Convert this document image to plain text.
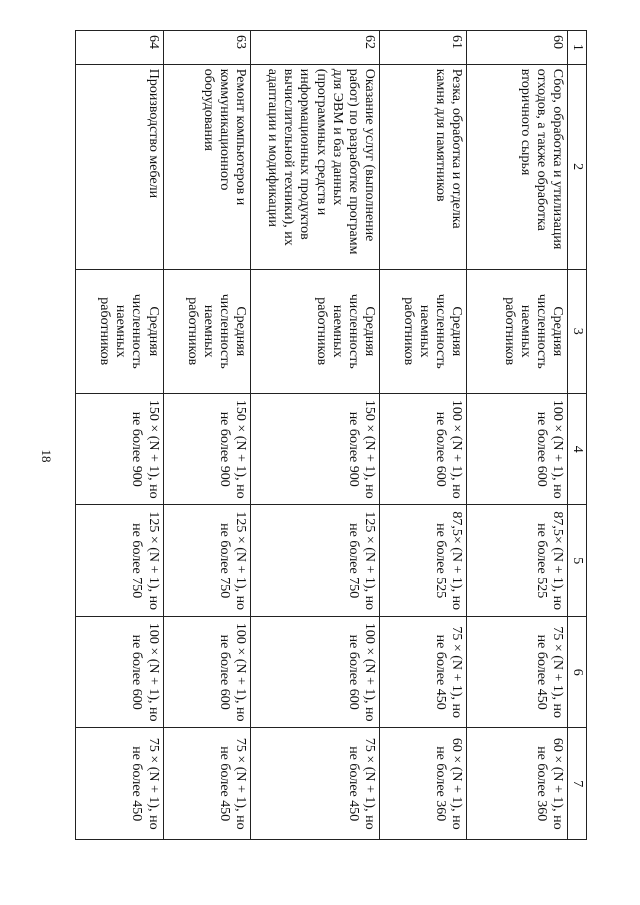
18
1	2	3	4	5	6	7
60	Сбор, обработка и утилизация отходов, а также обработка вторичного сырья	Средняя численность наемных работников	100 × (N + 1), но не более 600	87,5× (N + 1), но не более 525	75 × (N + 1), но не более 450	60 × (N + 1), но не более 360
61	Резка, обработка и отделка камня для памятников	Средняя численность наемных работников	100 × (N + 1), но не более 600	87,5× (N + 1), но не более 525	75 × (N + 1), но не более 450	60 × (N + 1), но не более 360
62	Оказание услуг (выполнение работ) по разработке программ для ЭВМ и баз данных (программных средств и информационных продуктов вычислительной техники), их адаптации и модификации	Средняя численность наемных работников	150 × (N + 1), но не более 900	125 × (N + 1), но не более 750	100 × (N + 1), но не более 600	75 × (N + 1), но не более 450
63	Ремонт компьютеров и коммуникационного оборудования	Средняя численность наемных работников	150 × (N + 1), но не более 900	125 × (N + 1), но не более 750	100 × (N + 1), но не более 600	75 × (N + 1), но не более 450
64	Производство мебели	Средняя численность наемных работников	150 × (N + 1), но не более 900	125 × (N + 1), но не более 750	100 × (N + 1), но не более 600	75 × (N + 1), но не более 450
